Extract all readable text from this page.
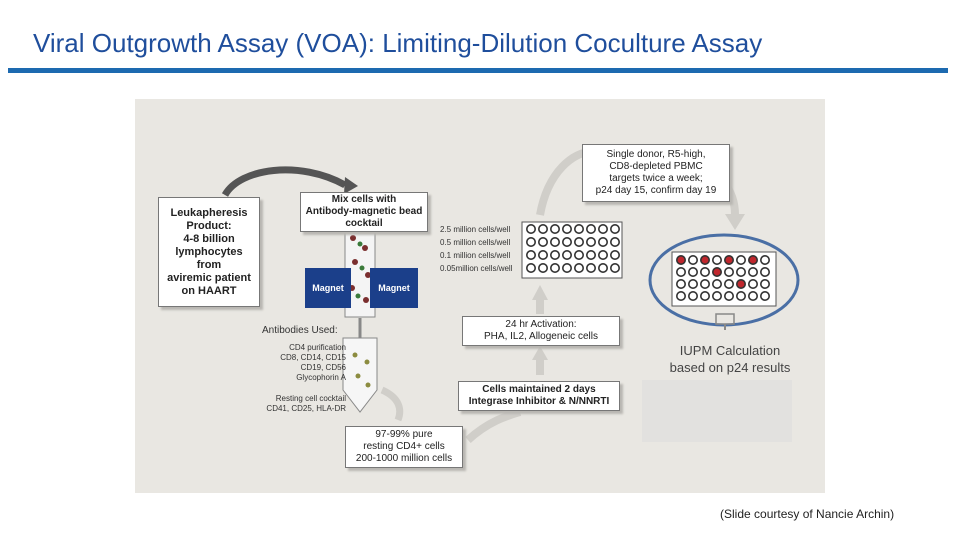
Viral Outgrowth Assay (VOA): Limiting-Dilution Coculture Assay
Leukapheresis
Product:
4-8 billion
lymphocytes
from
aviremic patient
on HAART
Mix cells with
Antibody-magnetic bead
cocktail
Magnet	Magnet
Antibodies Used:
CD4 purification
CD8, CD14, CD15
CD19, CD56
Glycophorin A
Resting cell cocktail
CD41, CD25, HLA-DR
97-99% pure
resting CD4+ cells
200-1000 million cells
Cells maintained 2 days
Integrase Inhibitor & N/NNRTI
24 hr Activation:
PHA, IL2, Allogeneic cells
Single donor, R5-high,
CD8-depleted PBMC
targets twice a week;
p24 day 15, confirm day 19
2.5 million cells/well
0.5 million cells/well
0.1 million cells/well
0.05million cells/well
IUPM Calculation
based on p24 results
(Slide courtesy of Nancie Archin)
